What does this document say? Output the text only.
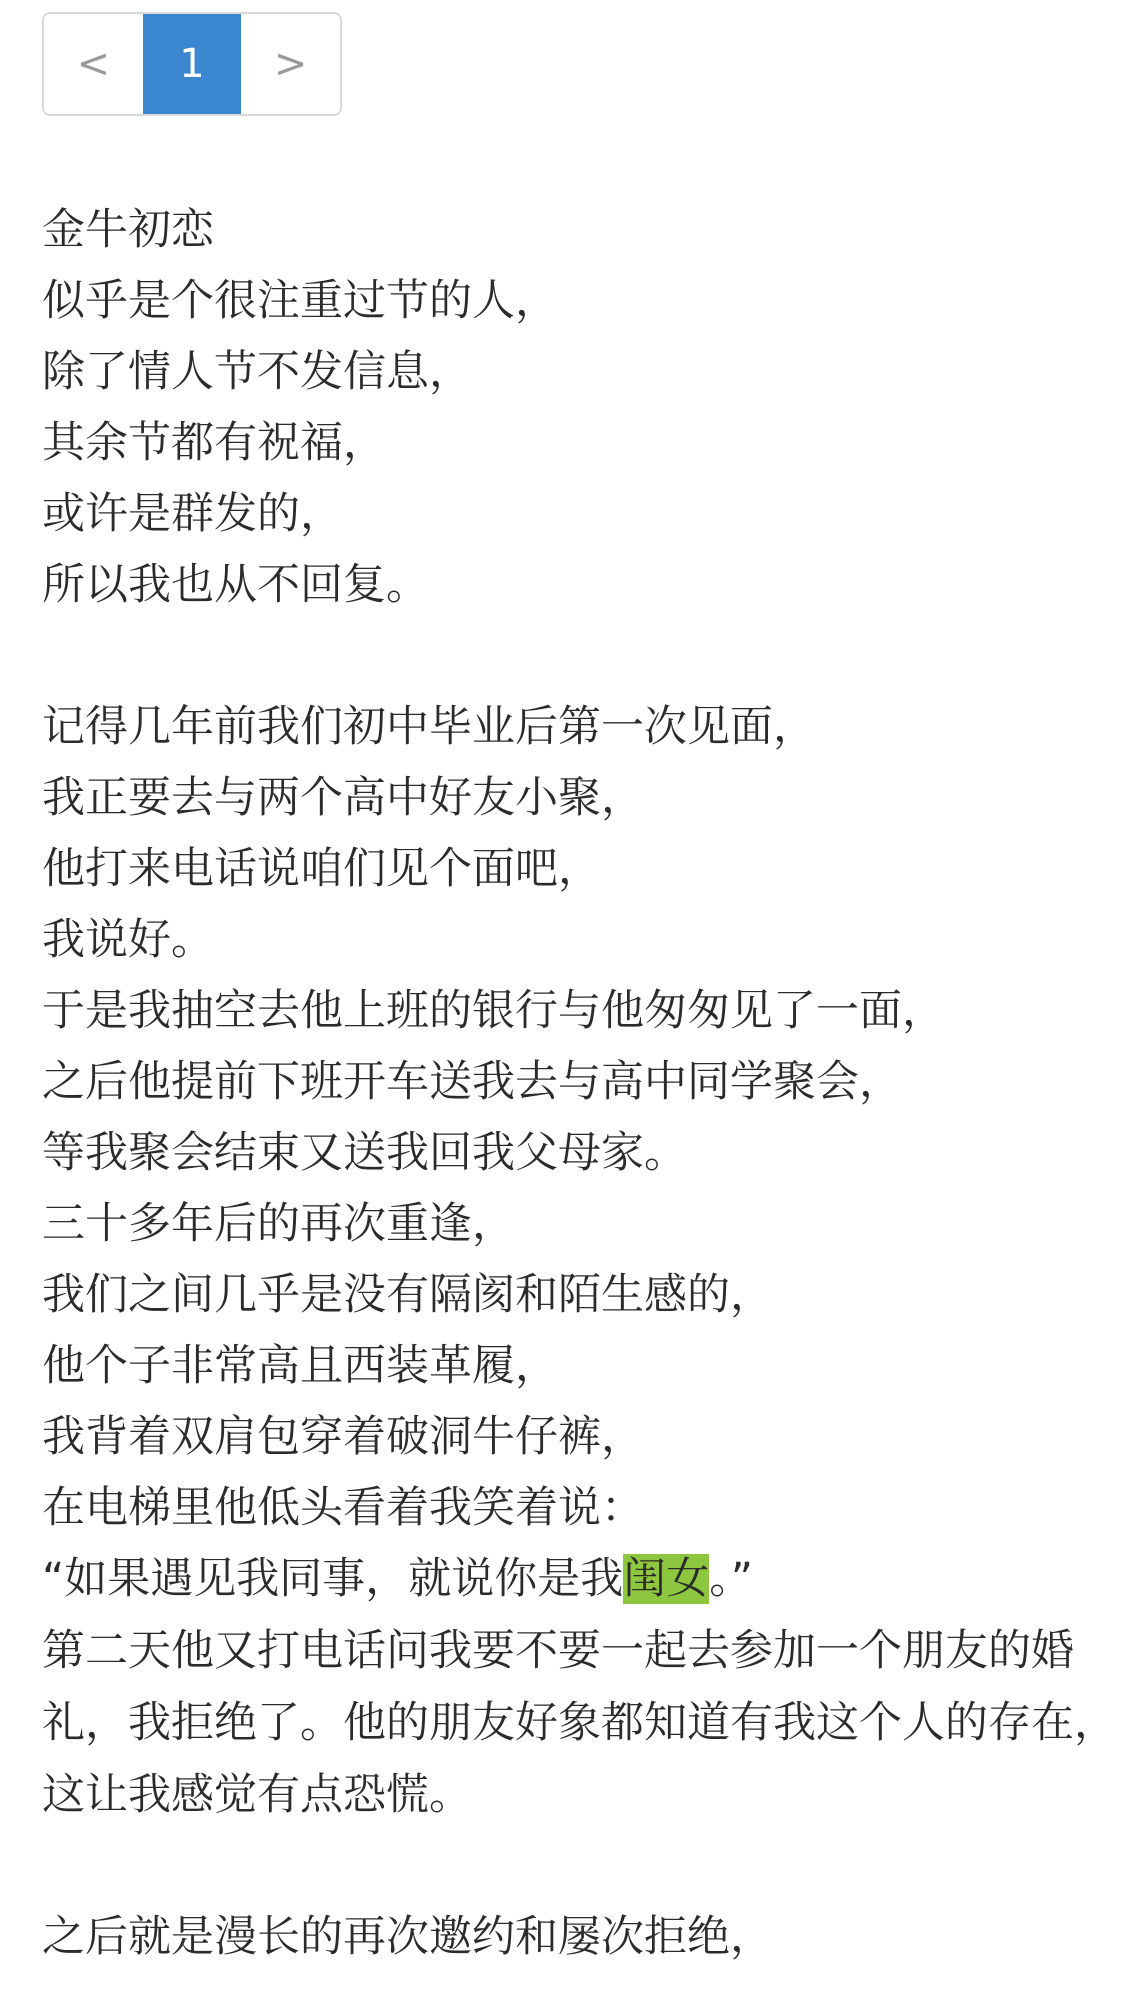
<	1	>
金牛初恋
似乎是个很注重过节的人，
除了情人节不发信息，
其余节都有祝福，
或许是群发的，
所以我也从不回复。
记得几年前我们初中毕业后第一次见面，
我正要去与两个高中好友小聚，
他打来电话说咱们见个面吧，
我说好。
于是我抽空去他上班的银行与他匆匆见了一面，
之后他提前下班开车送我去与高中同学聚会，
等我聚会结束又送我回我父母家。
三十多年后的再次重逢，
我们之间几乎是没有隔阂和陌生感的，
他个子非常高且西装革履，
我背着双肩包穿着破洞牛仔裤，
在电梯里他低头看着我笑着说：
“如果遇见我同事，就说你是我闺女。”
第二天他又打电话问我要不要一起去参加一个朋友的婚礼，我拒绝了。他的朋友好象都知道有我这个人的存在，这让我感觉有点恐慌。
之后就是漫长的再次邀约和屡次拒绝，
